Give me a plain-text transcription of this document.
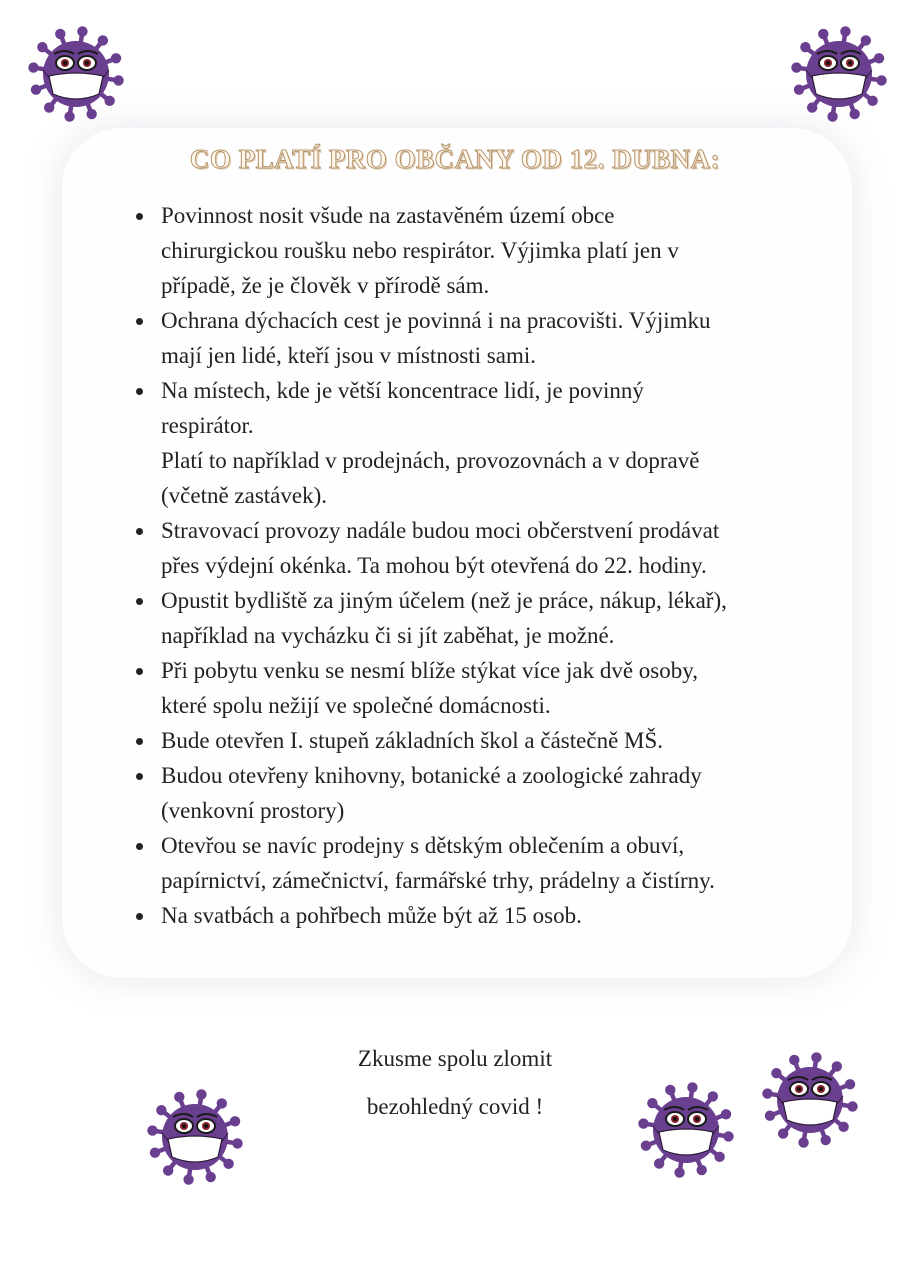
CO PLATÍ PRO OBČANY OD 12. DUBNA:
Povinnost nosit všude na zastavěném území obce
chirurgickou roušku nebo respirátor. Výjimka platí jen v
případě, že je člověk v přírodě sám.
Ochrana dýchacích cest je povinná i na pracovišti. Výjimku
mají jen lidé, kteří jsou v místnosti sami.
Na místech, kde je větší koncentrace lidí, je povinný
respirátor.
Platí to například v prodejnách, provozovnách a v dopravě
(včetně zastávek).
Stravovací provozy nadále budou moci občerstvení prodávat
přes výdejní okénka. Ta mohou být otevřená do 22. hodiny.
Opustit bydliště za jiným účelem (než je práce, nákup, lékař),
například na vycházku či si jít zaběhat, je možné.
Při pobytu venku se nesmí blíže stýkat více jak dvě osoby,
které spolu nežijí ve společné domácnosti.
Bude otevřen I. stupeň základních škol a částečně MŠ.
Budou otevřeny knihovny, botanické a zoologické zahrady
(venkovní prostory)
Otevřou se navíc prodejny s dětským oblečením a obuví,
papírnictví, zámečnictví, farmářské trhy, prádelny a čistírny.
Na svatbách a pohřbech může být až 15 osob.
Zkusme spolu zlomit
bezohledný covid !
